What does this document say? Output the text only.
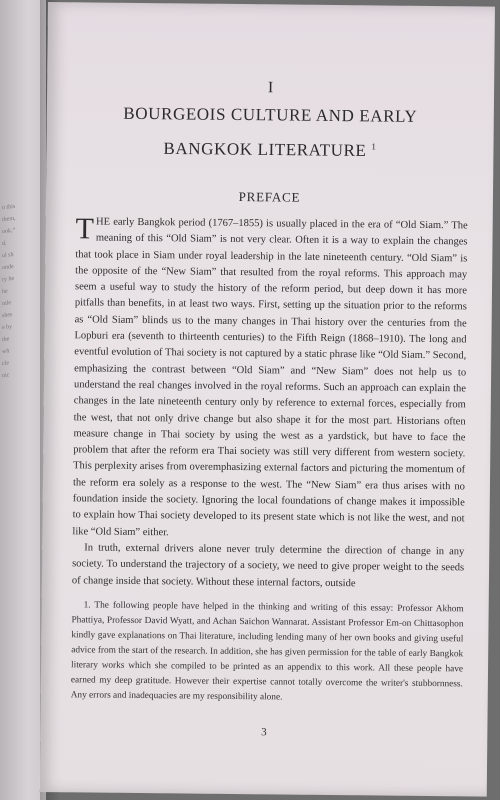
n this
them,
ook,”
d.
ul sh
onde
ry he
he
nile
shes
e by
the
wh
cle
nic
I
BOURGEOIS CULTURE AND EARLY
BANGKOK LITERATURE $^1$
PREFACE

THE early Bangkok period (1767–1855) is usually placed in the era of “Old Siam.” The meaning of this “Old Siam” is not very clear. Often it is a way to explain the changes that took place in Siam under royal leadership in the late nineteenth century. “Old Siam” is the opposite of the “New Siam” that resulted from the royal reforms. This approach may seem a useful way to study the history of the reform period, but deep down it has more pitfalls than benefits, in at least two ways. First, setting up the situation prior to the reforms as “Old Siam” blinds us to the many changes in Thai history over the centuries from the Lopburi era (seventh to thirteenth centuries) to the Fifth Reign (1868–1910). The long and eventful evolution of Thai society is not captured by a static phrase like “Old Siam.” Second, emphasizing the contrast between “Old Siam” and “New Siam” does not help us to understand the real changes involved in the royal reforms. Such an approach can explain the changes in the late nineteenth century only by reference to external forces, especially from the west, that not only drive change but also shape it for the most part. Historians often measure change in Thai society by using the west as a yardstick, but have to face the problem that after the reform era Thai society was still very different from western society. This perplexity arises from overemphasizing external factors and picturing the momentum of the reform era solely as a response to the west. The “New Siam” era thus arises with no foundation inside the society. Ignoring the local foundations of change makes it impossible to explain how Thai society developed to its present state which is not like the west, and not like “Old Siam” either.

In truth, external drivers alone never truly determine the direction of change in any society. To understand the trajectory of a society, we need to give proper weight to the seeds of change inside that society. Without these internal factors, outside

1. The following people have helped in the thinking and writing of this essay: Professor Akhom Phattiya, Professor David Wyatt, and Achan Saichon Wannarat. Assistant Professor Em-on Chittasophon kindly gave explanations on Thai literature, including lending many of her own books and giving useful advice from the start of the research. In addition, she has given permission for the table of early Bangkok literary works which she compiled to be printed as an appendix to this work. All these people have earned my deep gratitude. However their expertise cannot totally overcome the writer's stubbornness. Any errors and inadequacies are my responsibility alone.
3
